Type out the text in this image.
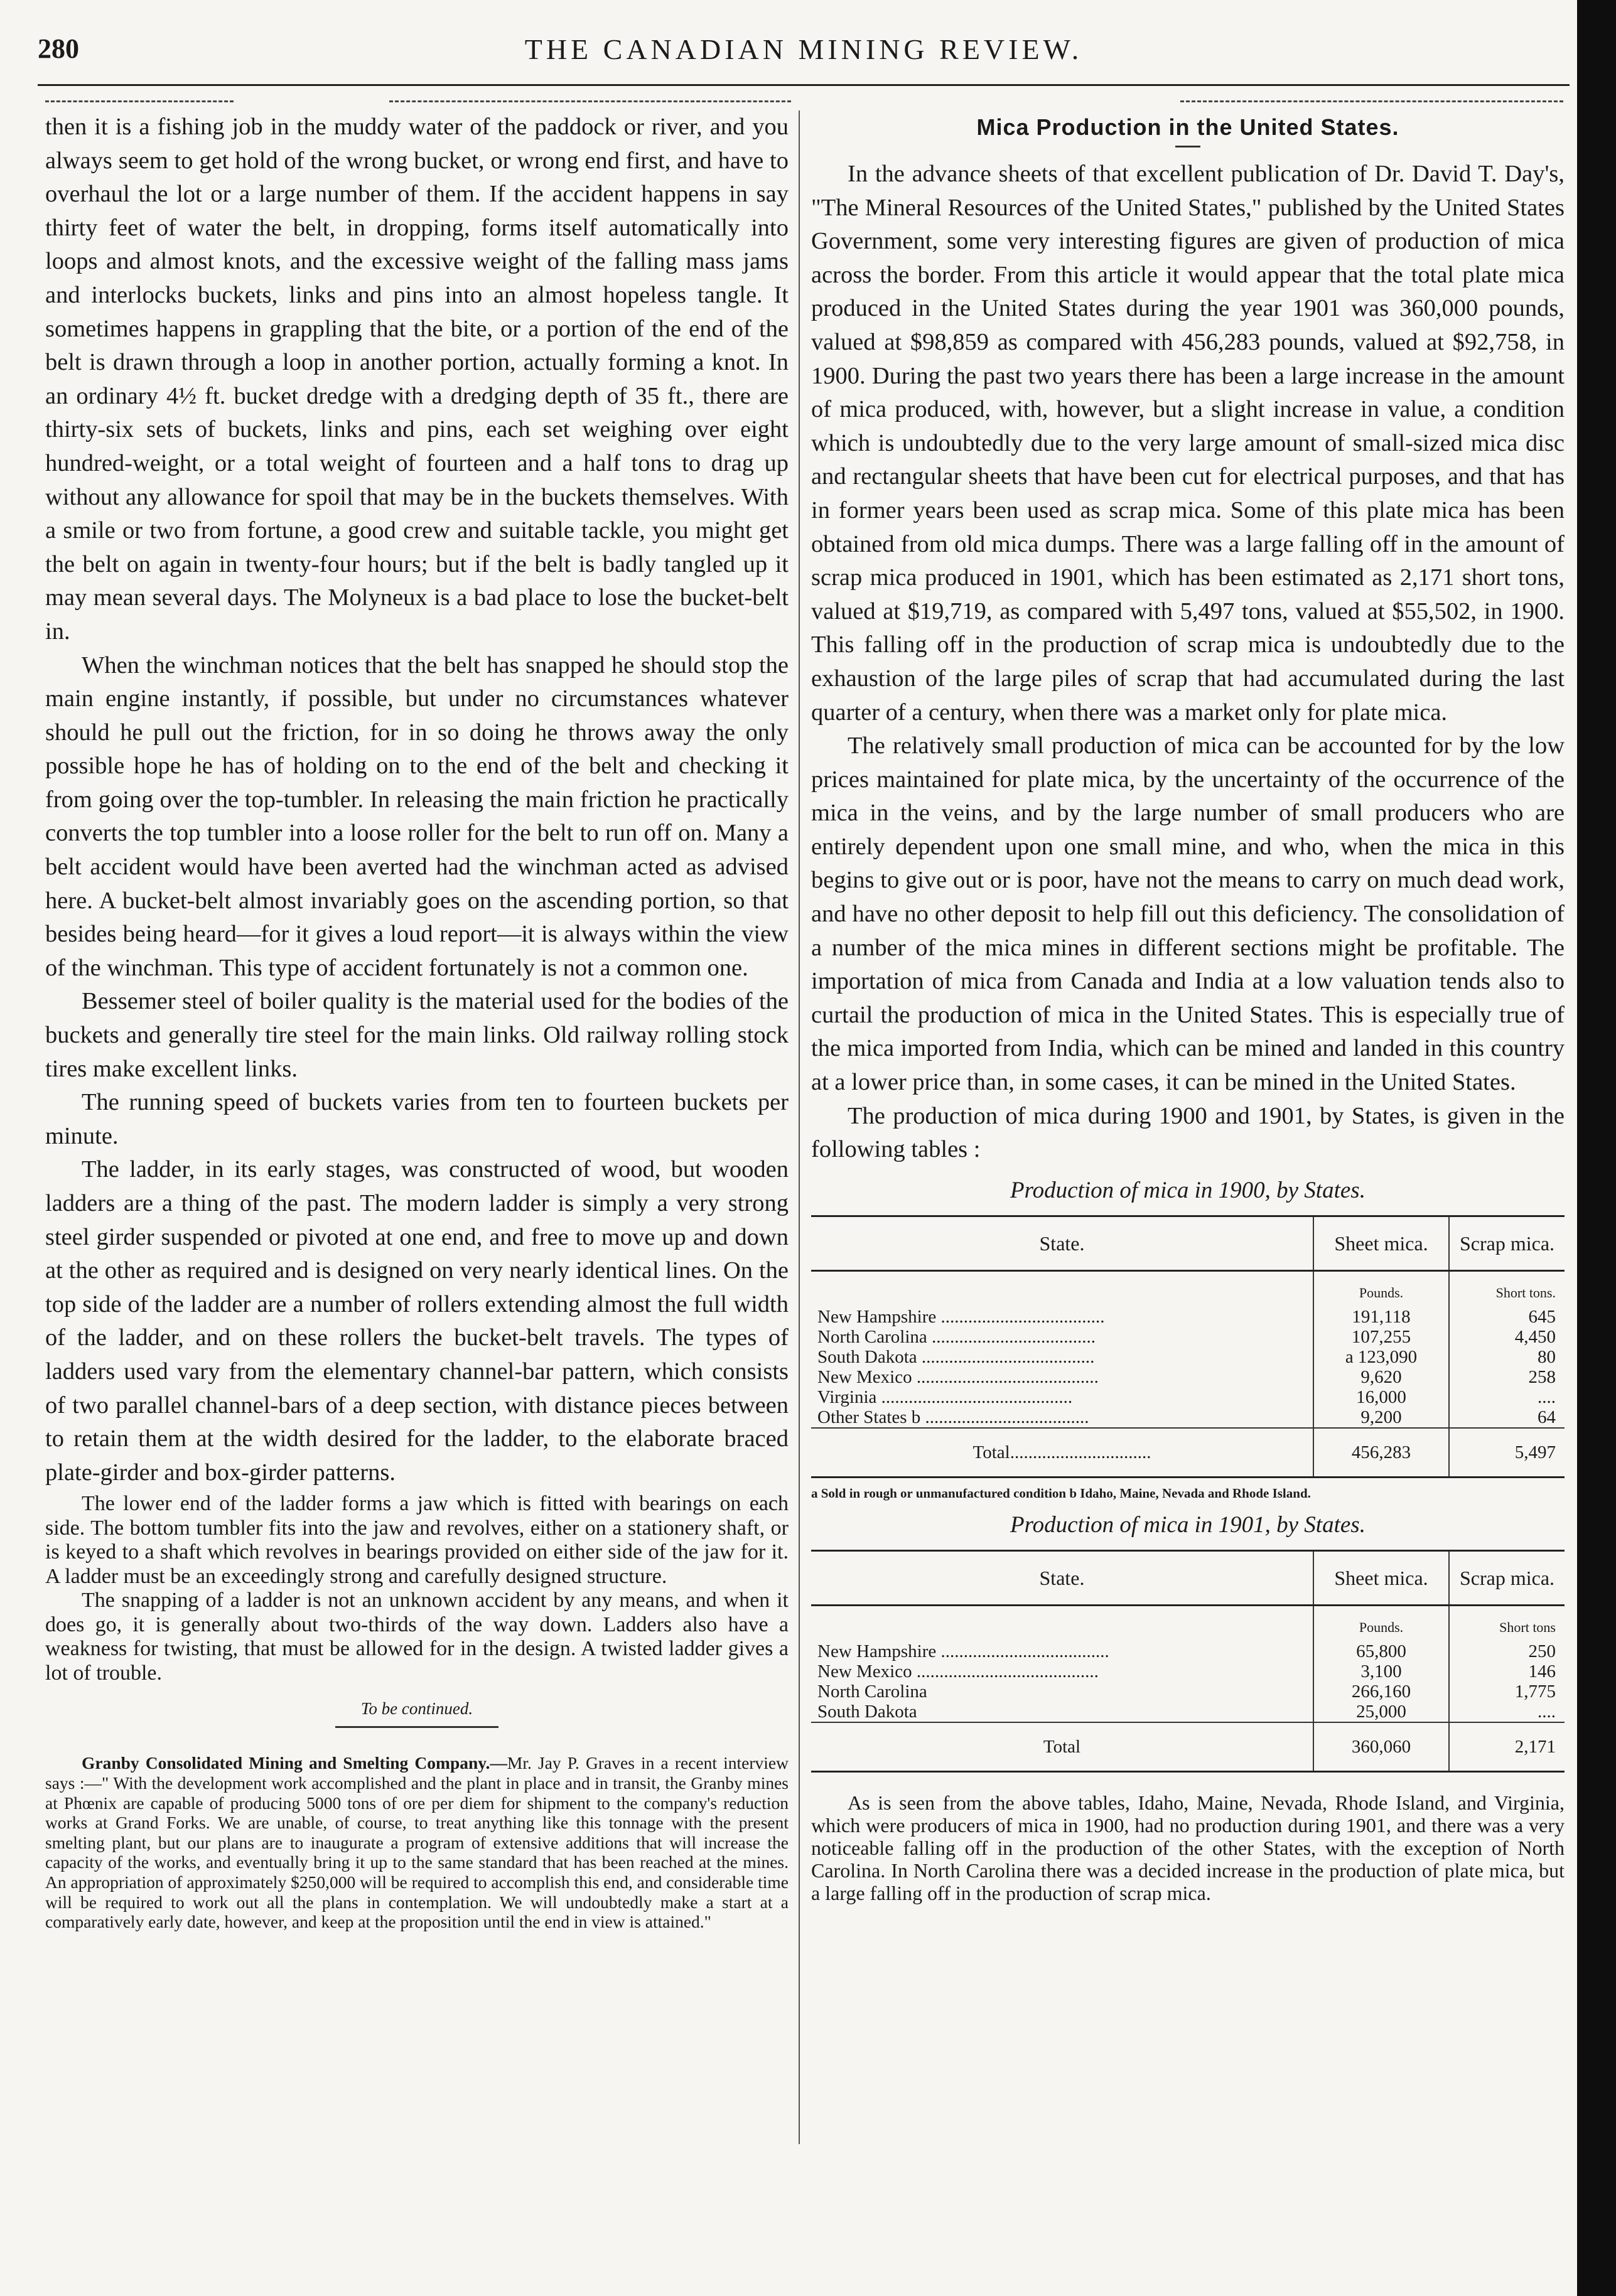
280	THE CANADIAN MINING REVIEW.

then it is a fishing job in the muddy water of the paddock or river, and you always seem to get hold of the wrong bucket, or wrong end first, and have to overhaul the lot or a large number of them. If the accident happens in say thirty feet of water the belt, in dropping, forms itself automatically into loops and almost knots, and the excessive weight of the falling mass jams and interlocks buckets, links and pins into an almost hopeless tangle. It sometimes happens in grappling that the bite, or a portion of the end of the belt is drawn through a loop in another portion, actually forming a knot. In an ordinary 4½ ft. bucket dredge with a dredging depth of 35 ft., there are thirty-six sets of buckets, links and pins, each set weighing over eight hundred-weight, or a total weight of fourteen and a half tons to drag up without any allowance for spoil that may be in the buckets themselves. With a smile or two from fortune, a good crew and suitable tackle, you might get the belt on again in twenty-four hours; but if the belt is badly tangled up it may mean several days. The Molyneux is a bad place to lose the bucket-belt in.

When the winchman notices that the belt has snapped he should stop the main engine instantly, if possible, but under no circumstances whatever should he pull out the friction, for in so doing he throws away the only possible hope he has of holding on to the end of the belt and checking it from going over the top-tumbler. In releasing the main friction he practically converts the top tumbler into a loose roller for the belt to run off on. Many a belt accident would have been averted had the winchman acted as advised here. A bucket-belt almost invariably goes on the ascending portion, so that besides being heard—for it gives a loud report—it is always within the view of the winchman. This type of accident fortunately is not a common one.

Bessemer steel of boiler quality is the material used for the bodies of the buckets and generally tire steel for the main links. Old railway rolling stock tires make excellent links.

The running speed of buckets varies from ten to fourteen buckets per minute.

The ladder, in its early stages, was constructed of wood, but wooden ladders are a thing of the past. The modern ladder is simply a very strong steel girder suspended or pivoted at one end, and free to move up and down at the other as required and is designed on very nearly identical lines. On the top side of the ladder are a number of rollers extending almost the full width of the ladder, and on these rollers the bucket-belt travels. The types of ladders used vary from the elementary channel-bar pattern, which consists of two parallel channel-bars of a deep section, with distance pieces between to retain them at the width desired for the ladder, to the elaborate braced plate-girder and box-girder patterns.

The lower end of the ladder forms a jaw which is fitted with bearings on each side. The bottom tumbler fits into the jaw and revolves, either on a stationery shaft, or is keyed to a shaft which revolves in bearings provided on either side of the jaw for it. A ladder must be an exceedingly strong and carefully designed structure.

The snapping of a ladder is not an unknown accident by any means, and when it does go, it is generally about two-thirds of the way down. Ladders also have a weakness for twisting, that must be allowed for in the design. A twisted ladder gives a lot of trouble.

To be continued.

Granby Consolidated Mining and Smelting Company.—Mr. Jay P. Graves in a recent interview says :—" With the development work accomplished and the plant in place and in transit, the Granby mines at Phœnix are capable of producing 5000 tons of ore per diem for shipment to the company's reduction works at Grand Forks. We are unable, of course, to treat anything like this tonnage with the present smelting plant, but our plans are to inaugurate a program of extensive additions that will increase the capacity of the works, and eventually bring it up to the same standard that has been reached at the mines. An appropriation of approximately $250,000 will be required to accomplish this end, and considerable time will be required to work out all the plans in contemplation. We will undoubtedly make a start at a comparatively early date, however, and keep at the proposition until the end in view is attained."

Mica Production in the United States.

In the advance sheets of that excellent publication of Dr. David T. Day's, "The Mineral Resources of the United States," published by the United States Government, some very interesting figures are given of production of mica across the border. From this article it would appear that the total plate mica produced in the United States during the year 1901 was 360,000 pounds, valued at $98,859 as compared with 456,283 pounds, valued at $92,758, in 1900. During the past two years there has been a large increase in the amount of mica produced, with, however, but a slight increase in value, a condition which is undoubtedly due to the very large amount of small-sized mica disc and rectangular sheets that have been cut for electrical purposes, and that has in former years been used as scrap mica. Some of this plate mica has been obtained from old mica dumps. There was a large falling off in the amount of scrap mica produced in 1901, which has been estimated as 2,171 short tons, valued at $19,719, as compared with 5,497 tons, valued at $55,502, in 1900. This falling off in the production of scrap mica is undoubtedly due to the exhaustion of the large piles of scrap that had accumulated during the last quarter of a century, when there was a market only for plate mica.

The relatively small production of mica can be accounted for by the low prices maintained for plate mica, by the uncertainty of the occurrence of the mica in the veins, and by the large number of small producers who are entirely dependent upon one small mine, and who, when the mica in this begins to give out or is poor, have not the means to carry on much dead work, and have no other deposit to help fill out this deficiency. The consolidation of a number of the mica mines in different sections might be profitable. The importation of mica from Canada and India at a low valuation tends also to curtail the production of mica in the United States. This is especially true of the mica imported from India, which can be mined and landed in this country at a lower price than, in some cases, it can be mined in the United States.

The production of mica during 1900 and 1901, by States, is given in the following tables :

Production of mica in 1900, by States.
State.	Sheet mica.	Scrap mica.
	Pounds.	Short tons.
New Hampshire ....................................	191,118	645
North Carolina ....................................	107,255	4,450
South Dakota ......................................	a 123,090	80
New Mexico ........................................	9,620	258
Virginia ..........................................	16,000	....
Other States b ....................................	9,200	64
Total...............................	456,283	5,497
a Sold in rough or unmanufactured condition b Idaho, Maine, Nevada and Rhode Island.
Production of mica in 1901, by States.
State.	Sheet mica.	Scrap mica.
	Pounds.	Short tons
New Hampshire .....................................	65,800	250
New Mexico ........................................	3,100	146
North Carolina	266,160	1,775
South Dakota	25,000	....
Total	360,060	2,171

As is seen from the above tables, Idaho, Maine, Nevada, Rhode Island, and Virginia, which were producers of mica in 1900, had no production during 1901, and there was a very noticeable falling off in the production of the other States, with the exception of North Carolina. In North Carolina there was a decided increase in the production of plate mica, but a large falling off in the production of scrap mica.
